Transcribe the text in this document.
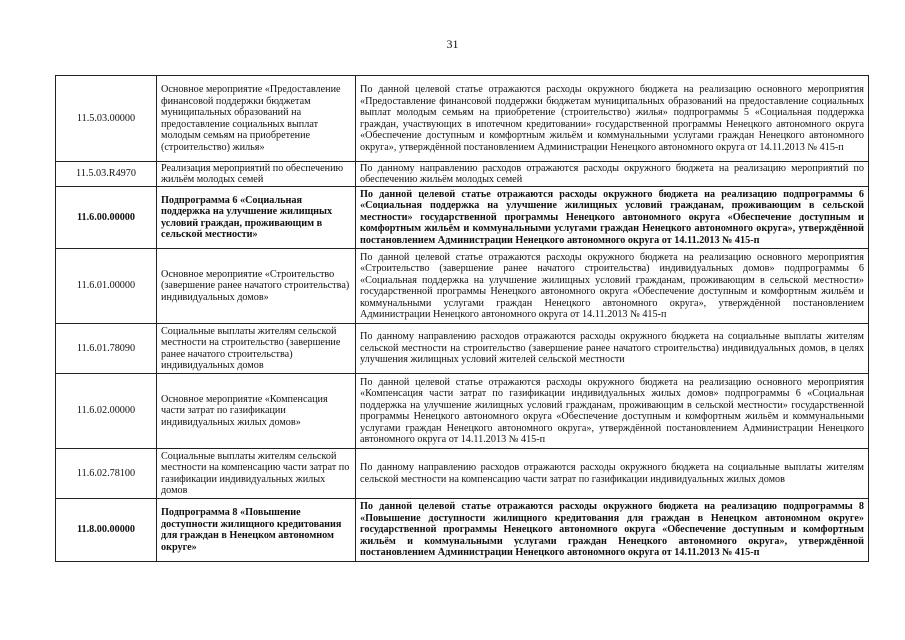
31
11.5.03.00000	Основное мероприятие «Предоставление финансовой поддержки бюджетам муниципальных образований на предоставление социальных выплат молодым семьям на приобретение (строительство) жилья»	По данной целевой статье отражаются расходы окружного бюджета на реализацию основного мероприятия «Предоставление финансовой поддержки бюджетам муниципальных образований на предоставление социальных выплат молодым семьям на приобретение (строительство) жилья» подпрограммы 5 «Социальная поддержка граждан, участвующих в ипотечном кредитовании» государственной программы Ненецкого автономного округа «Обеспечение доступным и комфортным жильём и коммунальными услугами граждан Ненецкого автономного округа», утверждённой постановлением Администрации Ненецкого автономного округа от 14.11.2013 № 415-п
11.5.03.R4970	Реализация мероприятий по обеспечению жильём молодых семей	По данному направлению расходов отражаются расходы окружного бюджета на реализацию мероприятий по обеспечению жильём молодых семей
11.6.00.00000	Подпрограмма 6 «Социальная поддержка на улучшение жилищных условий граждан, проживающим в сельской местности»	По данной целевой статье отражаются расходы окружного бюджета на реализацию подпрограммы 6 «Социальная поддержка на улучшение жилищных условий гражданам, проживающим в сельской местности» государственной программы Ненецкого автономного округа «Обеспечение доступным и комфортным жильём и коммунальными услугами граждан Ненецкого автономного округа», утверждённой постановлением Администрации Ненецкого автономного округа от 14.11.2013 № 415-п
11.6.01.00000	Основное мероприятие «Строительство (завершение ранее начатого строительства) индивидуальных домов»	По данной целевой статье отражаются расходы окружного бюджета на реализацию основного мероприятия «Строительство (завершение ранее начатого строительства) индивидуальных домов» подпрограммы 6 «Социальная поддержка на улучшение жилищных условий гражданам, проживающим в сельской местности» государственной программы Ненецкого автономного округа «Обеспечение доступным и комфортным жильём и коммунальными услугами граждан Ненецкого автономного округа», утверждённой постановлением Администрации Ненецкого автономного округа от 14.11.2013 № 415-п
11.6.01.78090	Социальные выплаты жителям сельской местности на строительство (завершение ранее начатого строительства) индивидуальных домов	По данному направлению расходов отражаются расходы окружного бюджета на социальные выплаты жителям сельской местности на строительство (завершение ранее начатого строительства) индивидуальных домов, в целях улучшения жилищных условий жителей сельской местности
11.6.02.00000	Основное мероприятие «Компенсация части затрат по газификации индивидуальных жилых домов»	По данной целевой статье отражаются расходы окружного бюджета на реализацию основного мероприятия «Компенсация части затрат по газификации индивидуальных жилых домов» подпрограммы 6 «Социальная поддержка на улучшение жилищных условий гражданам, проживающим в сельской местности» государственной программы Ненецкого автономного округа «Обеспечение доступным и комфортным жильём и коммунальными услугами граждан Ненецкого автономного округа», утверждённой постановлением Администрации Ненецкого автономного округа от 14.11.2013 № 415-п
11.6.02.78100	Социальные выплаты жителям сельской местности на компенсацию части затрат по газификации индивидуальных жилых домов	По данному направлению расходов отражаются расходы окружного бюджета на социальные выплаты жителям сельской местности на компенсацию части затрат по газификации индивидуальных жилых домов
11.8.00.00000	Подпрограмма 8 «Повышение доступности жилищного кредитования для граждан в Ненецком автономном округе»	По данной целевой статье отражаются расходы окружного бюджета на реализацию подпрограммы 8 «Повышение доступности жилищного кредитования для граждан в Ненецком автономном округе» государственной программы Ненецкого автономного округа «Обеспечение доступным и комфортным жильём и коммунальными услугами граждан Ненецкого автономного округа», утверждённой постановлением Администрации Ненецкого автономного округа от 14.11.2013 № 415-п
